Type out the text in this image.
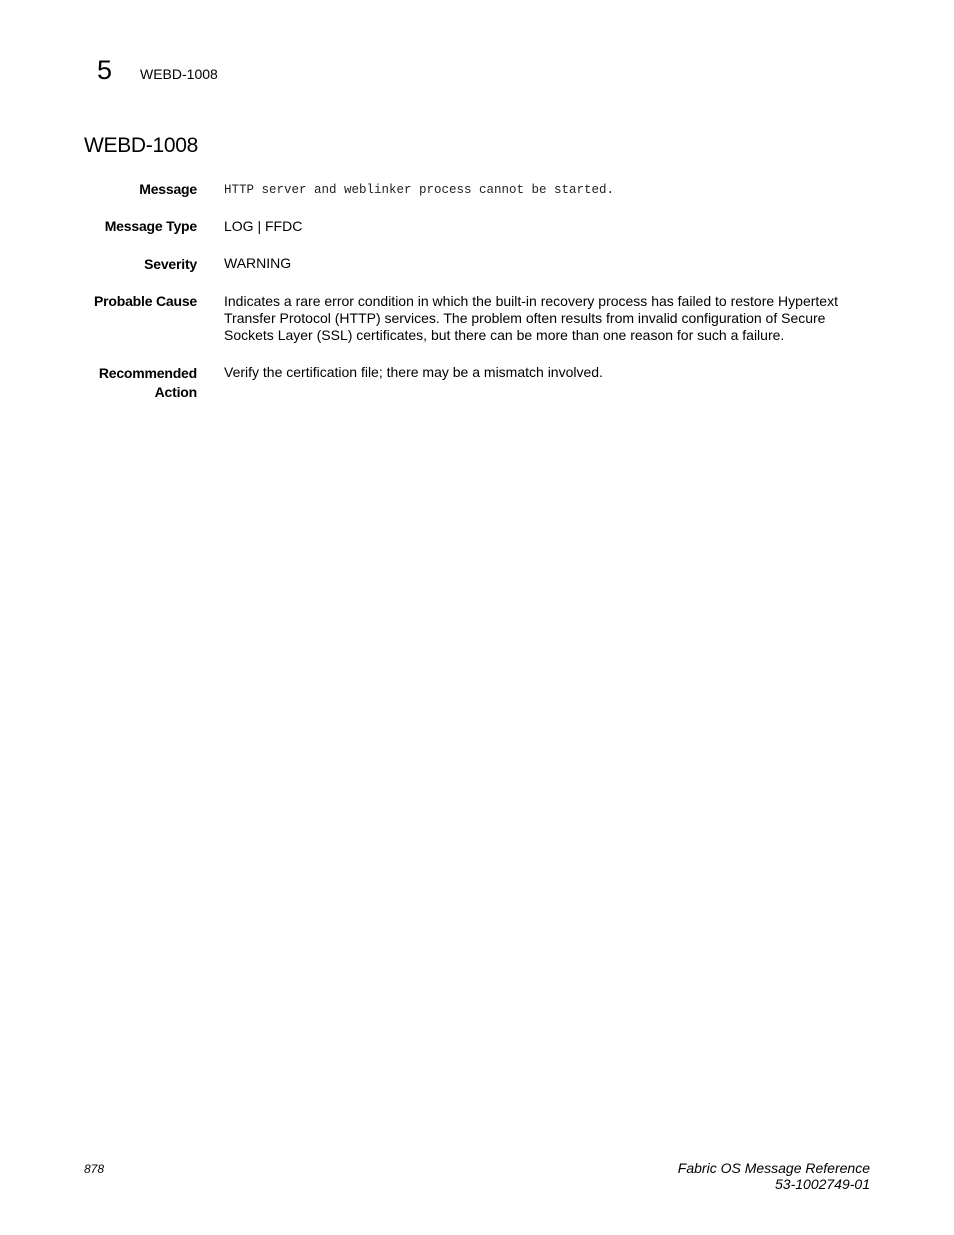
5 WEBD-1008
WEBD-1008
Message HTTP server and weblinker process cannot be started.
Message Type LOG | FFDC
Severity WARNING
Probable Cause Indicates a rare error condition in which the built-in recovery process has failed to restore Hypertext
Transfer Protocol (HTTP) services. The problem often results from invalid configuration of Secure
Sockets Layer (SSL) certificates, but there can be more than one reason for such a failure.
Recommended
Action
Verify the certification file; there may be a mismatch involved.
878	Fabric OS Message Reference
53-1002749-01
